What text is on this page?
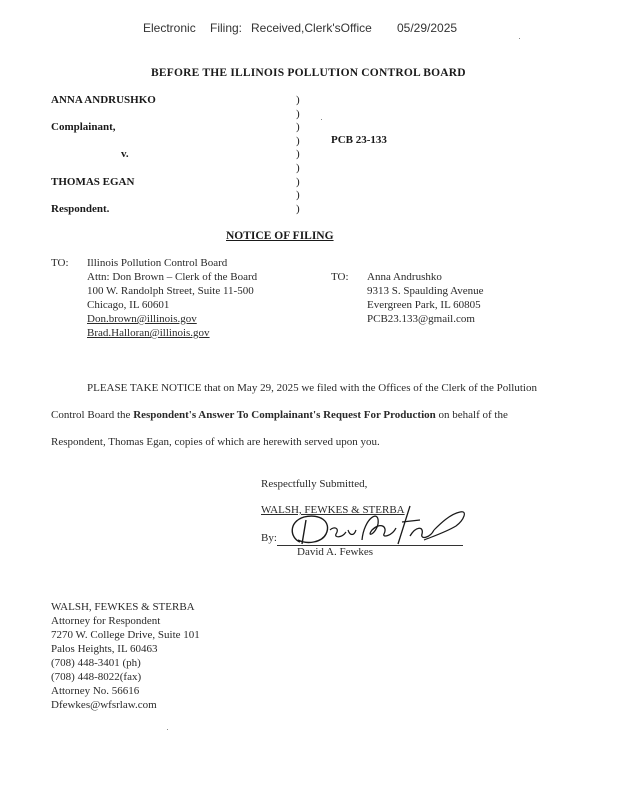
Electronic Filing: Received,Clerk'sOffice 05/29/2025
BEFORE THE ILLINOIS POLLUTION CONTROL BOARD
ANNA ANDRUSHKO
Complainant,
v.
THOMAS EGAN
Respondent.
PCB 23-133
)
)
)
)
)
)
)
)
)
NOTICE OF FILING
TO: Illinois Pollution Control Board
Attn: Don Brown – Clerk of the Board
100 W. Randolph Street, Suite 11-500
Chicago, IL 60601
Don.brown@illinois.gov
Brad.Halloran@illinois.gov
TO: Anna Andrushko
9313 S. Spaulding Avenue
Evergreen Park, IL 60805
PCB23.133@gmail.com
PLEASE TAKE NOTICE that on May 29, 2025 we filed with the Offices of the Clerk of the Pollution
Control Board the Respondent's Answer To Complainant's Request For Production on behalf of the
Respondent, Thomas Egan, copies of which are herewith served upon you.
Respectfully Submitted,
WALSH, FEWKES & STERBA
By:
David A. Fewkes
WALSH, FEWKES & STERBA
Attorney for Respondent
7270 W. College Drive, Suite 101
Palos Heights, IL 60463
(708) 448-3401 (ph)
(708) 448-8022(fax)
Attorney No. 56616
Dfewkes@wfsrlaw.com
